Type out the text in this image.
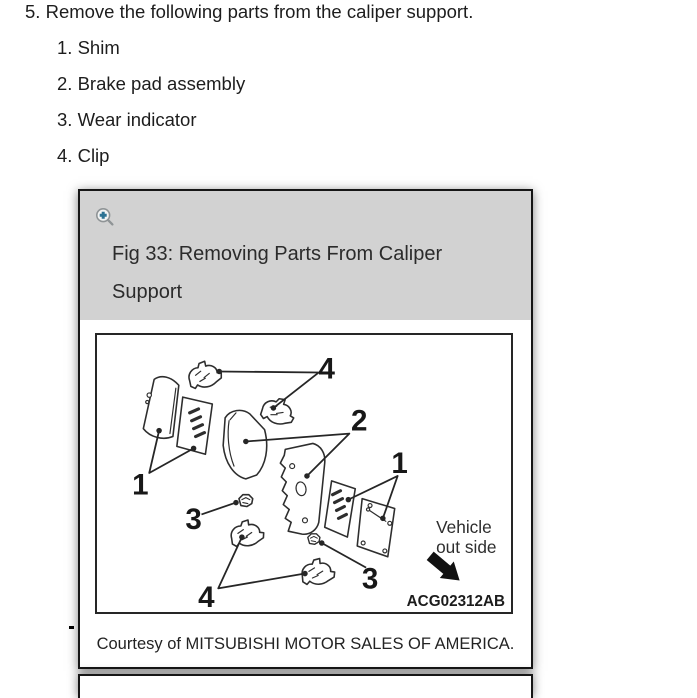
5. Remove the following parts from the caliper support.
1. Shim
2. Brake pad assembly
3. Wear indicator
4. Clip
Fig 33: Removing Parts From Caliper
Support
4
2
1
1
3
3
4
Vehicle
out side
ACG02312AB
Courtesy of MITSUBISHI MOTOR SALES OF AMERICA.
